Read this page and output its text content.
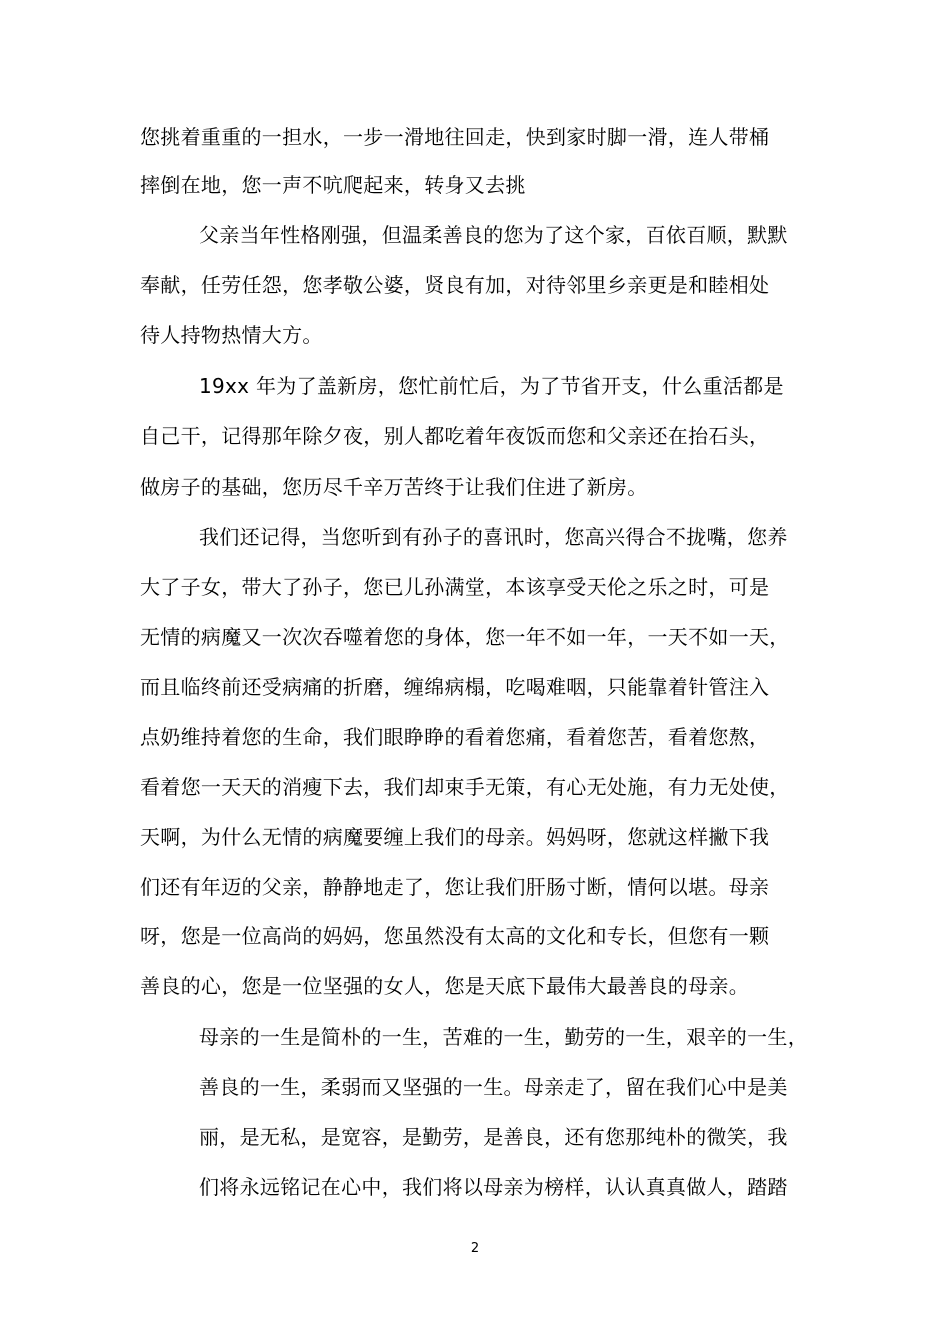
您挑着重重的一担水，一步一滑地往回走，快到家时脚一滑，连人带桶
摔倒在地，您一声不吭爬起来，转身又去挑
父亲当年性格刚强，但温柔善良的您为了这个家，百依百顺，默默
奉献，任劳任怨，您孝敬公婆，贤良有加，对待邻里乡亲更是和睦相处
待人持物热情大方。
19xx 年为了盖新房，您忙前忙后，为了节省开支，什么重活都是
自己干，记得那年除夕夜，别人都吃着年夜饭而您和父亲还在抬石头，
做房子的基础，您历尽千辛万苦终于让我们住进了新房。
我们还记得，当您听到有孙子的喜讯时，您高兴得合不拢嘴，您养
大了子女，带大了孙子，您已儿孙满堂，本该享受天伦之乐之时，可是
无情的病魔又一次次吞噬着您的身体，您一年不如一年，一天不如一天，
而且临终前还受病痛的折磨，缠绵病榻，吃喝难咽，只能靠着针管注入
点奶维持着您的生命，我们眼睁睁的看着您痛，看着您苦，看着您熬，
看着您一天天的消瘦下去，我们却束手无策，有心无处施，有力无处使，
天啊，为什么无情的病魔要缠上我们的母亲。妈妈呀，您就这样撇下我
们还有年迈的父亲，静静地走了，您让我们肝肠寸断，情何以堪。母亲
呀，您是一位高尚的妈妈，您虽然没有太高的文化和专长，但您有一颗
善良的心，您是一位坚强的女人，您是天底下最伟大最善良的母亲。
母亲的一生是简朴的一生，苦难的一生，勤劳的一生，艰辛的一生，
善良的一生，柔弱而又坚强的一生。母亲走了，留在我们心中是美
丽，是无私，是宽容，是勤劳，是善良，还有您那纯朴的微笑，我
们将永远铭记在心中，我们将以母亲为榜样，认认真真做人，踏踏
2
